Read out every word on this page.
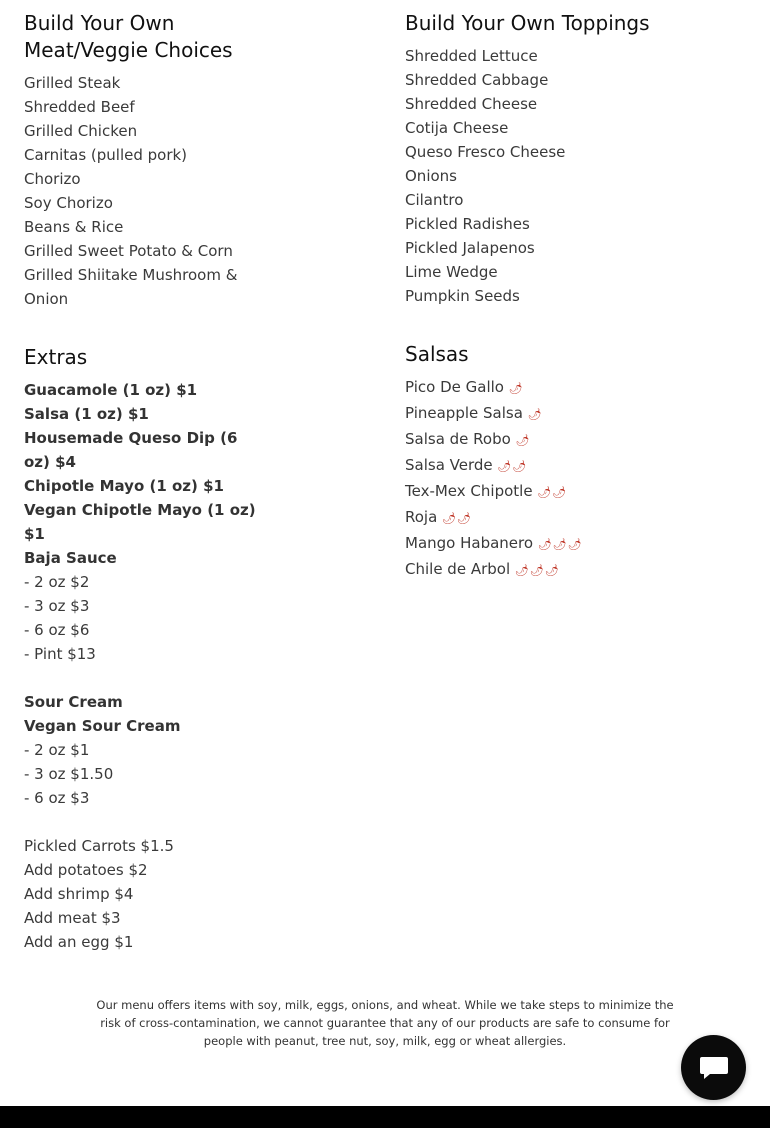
Build Your Own Meat/Veggie Choices
Grilled Steak
Shredded Beef
Grilled Chicken
Carnitas (pulled pork)
Chorizo
Soy Chorizo
Beans & Rice
Grilled Sweet Potato & Corn
Grilled Shiitake Mushroom & Onion
Extras
Guacamole (1 oz) $1
Salsa (1 oz) $1
Housemade Queso Dip (6 oz) $4
Chipotle Mayo (1 oz) $1
Vegan Chipotle Mayo (1 oz) $1
Baja Sauce
- 2 oz $2
- 3 oz $3
- 6 oz $6
- Pint $13
Sour Cream
Vegan Sour Cream
- 2 oz $1
- 3 oz $1.50
- 6 oz $3
Pickled Carrots $1.5
Add potatoes $2
Add shrimp $4
Add meat $3
Add an egg $1
Build Your Own Toppings
Shredded Lettuce
Shredded Cabbage
Shredded Cheese
Cotija Cheese
Queso Fresco Cheese
Onions
Cilantro
Pickled Radishes
Pickled Jalapenos
Lime Wedge
Pumpkin Seeds
Salsas
Pico De Gallo 🌶
Pineapple Salsa 🌶
Salsa de Robo 🌶
Salsa Verde 🌶🌶
Tex-Mex Chipotle 🌶🌶
Roja 🌶🌶
Mango Habanero 🌶🌶🌶
Chile de Arbol 🌶🌶🌶
Our menu offers items with soy, milk, eggs, onions, and wheat. While we take steps to minimize the risk of cross-contamination, we cannot guarantee that any of our products are safe to consume for people with peanut, tree nut, soy, milk, egg or wheat allergies.
